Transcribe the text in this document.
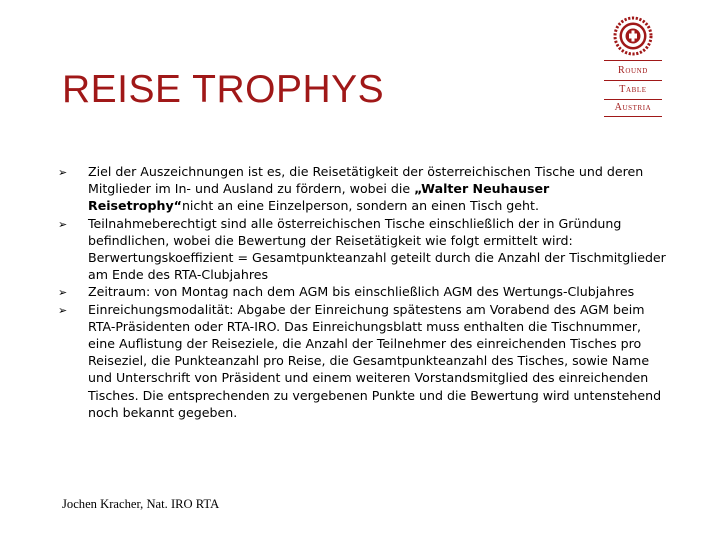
REISE TROPHYS	Round
Table
Austria
➢ Ziel der Auszeichnungen ist es, die Reisetätigkeit der österreichischen Tische und deren Mitglieder im In- und Ausland zu fördern, wobei die „Walter Neuhauser Reisetrophy“nicht an eine Einzelperson, sondern an einen Tisch geht.
➢ Teilnahmeberechtigt sind alle österreichischen Tische einschließlich der in Gründung befindlichen, wobei die Bewertung der Reisetätigkeit wie folgt ermittelt wird: Berwertungskoeffizient = Gesamtpunkteanzahl geteilt durch die Anzahl der Tischmitglieder am Ende des RTA-Clubjahres
➢ Zeitraum: von Montag nach dem AGM bis einschließlich AGM des Wertungs-Clubjahres
➢ Einreichungsmodalität: Abgabe der Einreichung spätestens am Vorabend des AGM beim RTA-Präsidenten oder RTA-IRO. Das Einreichungsblatt muss enthalten die Tischnummer, eine Auflistung der Reiseziele, die Anzahl der Teilnehmer des einreichenden Tisches pro Reiseziel, die Punkteanzahl pro Reise, die Gesamtpunkteanzahl des Tisches, sowie Name und Unterschrift von Präsident und einem weiteren Vorstandsmitglied des einreichenden Tisches. Die entsprechenden zu vergebenen Punkte und die Bewertung wird untenstehend noch bekannt gegeben.
Jochen Kracher, Nat. IRO RTA
